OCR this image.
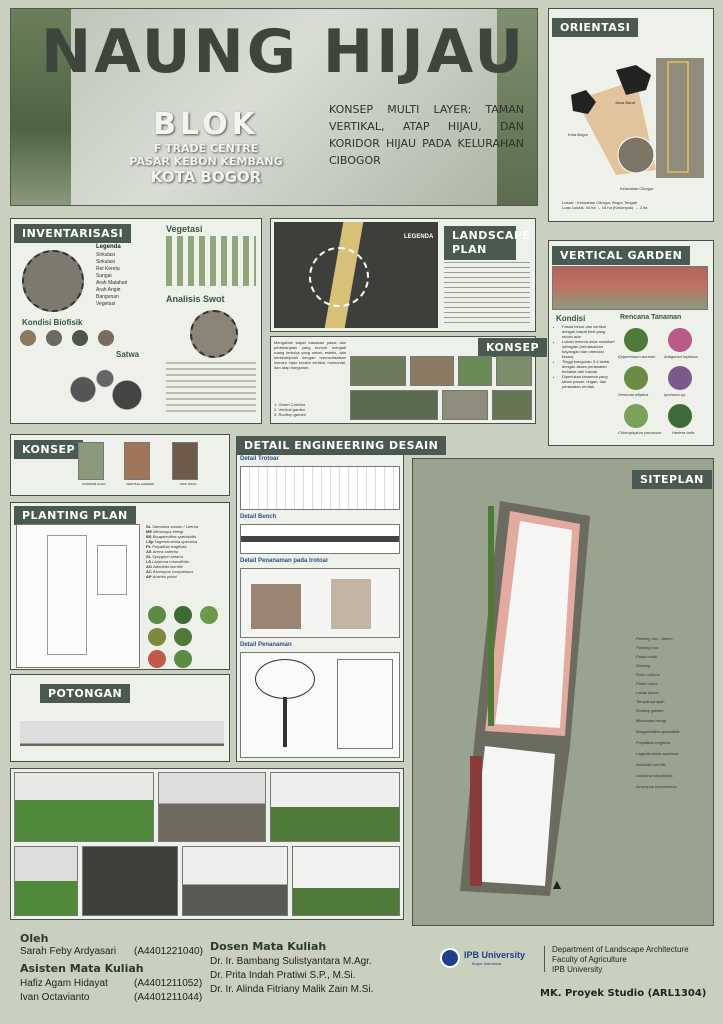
NAUNG HIJAU
BLOK
F TRADE CENTRE
PASAR KEBON KEMBANG
KOTA BOGOR
KONSEP MULTI LAYER: TAMAN VERTIKAL, ATAP HIJAU, DAN KORIDOR HIJAU PADA KELURAHAN CIBOGOR
ORIENTASI
Jawa Barat
Kota Bogor
Kelurahan Cibogor
Lokasi : Kelurahan Cibogor, Bogor Tengah
Luas Lokasi: 44 ha → 16 ha (Kelompok) → 3 ha
INVENTARISASI
Legenda
Sirkulasi
Sirkulasi
Rel Kereta
Sungai
Arah Matahari
Arah Angin
Bangunan
Vegetasi
Vegetasi
Kondisi Biofisik
Satwa
Analisis Swot
LEGENDA	LANDSCAPE PLAN
KONSEP
Mengubah wajah kawasan pasar dan perbelanjaan yang kumuh menjadi ruang terbuka yang sehat, estetis, dan berkelanjutan dengan memanfaatkan elemen hijau secara vertikal, horizontal, dan atap bangunan.
1. Green Corridor
2. Vertical garden
3. Rooftop garden
VERTICAL GARDEN
Kondisi
• Fasad besar dan vertikal dengan kawat besi yang sudah ada
• Lokasi terkena sinar matahari sebagian (berdasarkan bayangan dan orientasi fasad).
• Tinggi bangunan 3-4 lantai, dengan akses perawatan terbatas dari bawah.
• Diperlukan tanaman yang tahan panas, ringan, dan perawatan rendah.
Rencana Tanaman
Epipremnum aureum	Antigonon leptosus
Vernonia elliptica	Ipomoea sp.
Chlorophytum comosum	Hedera helix
KONSEP
KORIDOR HIJAU	VERTIKAL GARDEN	ATAP HIJAU
DETAIL ENGINEERING DESAIN
Detail Trotoar
Detail Bench
Detail Penanaman pada trotoar
Detail Penanaman
PLANTING PLAN
SL Samanea saman / Lkerna
ME Mimusops elengi
BS Bougainvillea spectabilis
LSp Lagerstroemia speciosa
PL Polyalthia longifolia
AS Areca catechu
SL Syzygium oleana
LS Livistona rotundifolia
AO Adonidia merrillii
AC Axonopus compressus
AP Arachis pintoi
POTONGAN
SITEPLAN
Planting box - bench
Planting box
Parkir mobil
Gedung
Ruko outdoor
Parkir motor
Lantai kantor
Tempat sampah
Rooftop garden
Mimusops elengi
Bougainvillea spectabilis
Polyalthia longifolia
Lagerstroemia speciosa
Adonidia merrillii
Livistona rotundifolia
Axonopus compressus
▲
Oleh
Sarah Feby Ardyasari (A4401221040)
Asisten Mata Kuliah
Hafiz Agam Hidayat	(A4401211052)
Ivan Octavianto	(A4401211044)
Dosen Mata Kuliah
Dr. Ir. Bambang Sulistyantara M.Agr.
Dr. Prita Indah Pratiwi S.P., M.Si.
Dr. Ir. Alinda Fitriany Malik Zain M.Si.
IPB University
Bogor Indonesia
Department of Landscape Architecture
Faculty of Agriculture
IPB University
MK. Proyek Studio (ARL1304)
